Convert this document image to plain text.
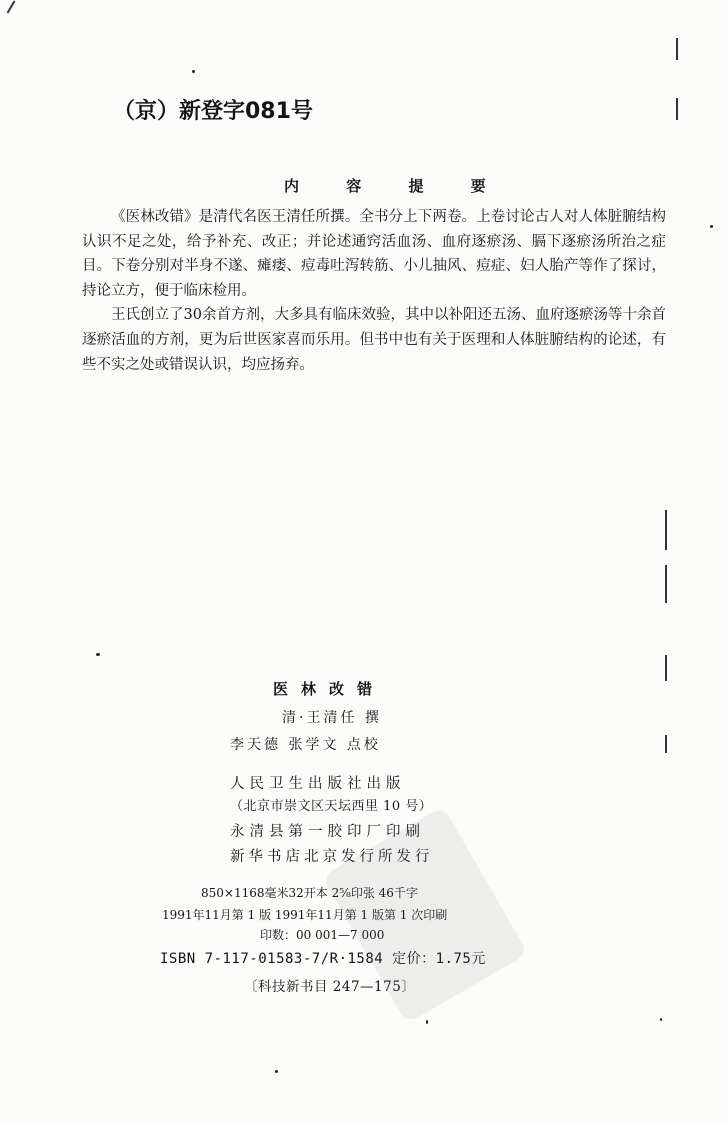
（京）新登字081号
内 容 提 要

《医林改错》是清代名医王清任所撰。全书分上下两卷。上卷讨论古人对人体脏腑结构认识不足之处，给予补充、改正；并论述通窍活血汤、血府逐瘀汤、膈下逐瘀汤所治之症目。下卷分别对半身不遂、瘫痿、痘毒吐泻转筋、小儿抽风、痘症、妇人胎产等作了探讨，持论立方，便于临床检用。

王氏创立了30余首方剂，大多具有临床效验，其中以补阳还五汤、血府逐瘀汤等十余首逐瘀活血的方剂，更为后世医家喜而乐用。但书中也有关于医理和人体脏腑结构的论述，有些不实之处或错误认识，均应扬弃。

医林改错
清·王清任 撰
李天德 张学文 点校
人民卫生出版社出版
（北京市崇文区天坛西里 10 号）
永清县第一胶印厂印刷
新华书店北京发行所发行
850×1168毫米32开本 2⅝印张 46千字
1991年11月第 1 版 1991年11月第 1 版第 1 次印刷
印数：00 001—7 000
ISBN 7-117-01583-7/R·1584 定价：1.75元
〔科技新书目 247—175〕
